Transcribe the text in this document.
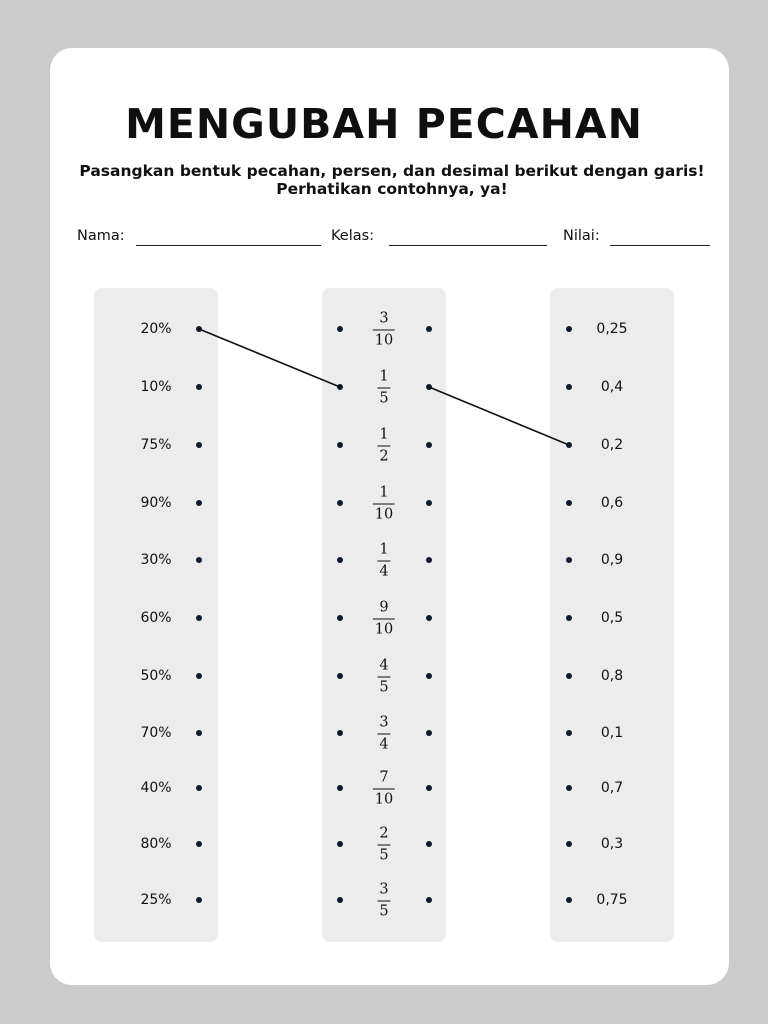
MENGUBAH PECAHAN
Pasangkan bentuk pecahan, persen, dan desimal berikut dengan garis!
Perhatikan contohnya, ya!
Nama:	Kelas:	Nilai:
20%
3
10
0,25
10%
1
5
0,4
75%
1
2
0,2
90%
1
10
0,6
30%
1
4
0,9
60%
9
10
0,5
50%
4
5
0,8
70%
3
4
0,1
40%
7
10
0,7
80%
2
5
0,3
25%
3
5
0,75
